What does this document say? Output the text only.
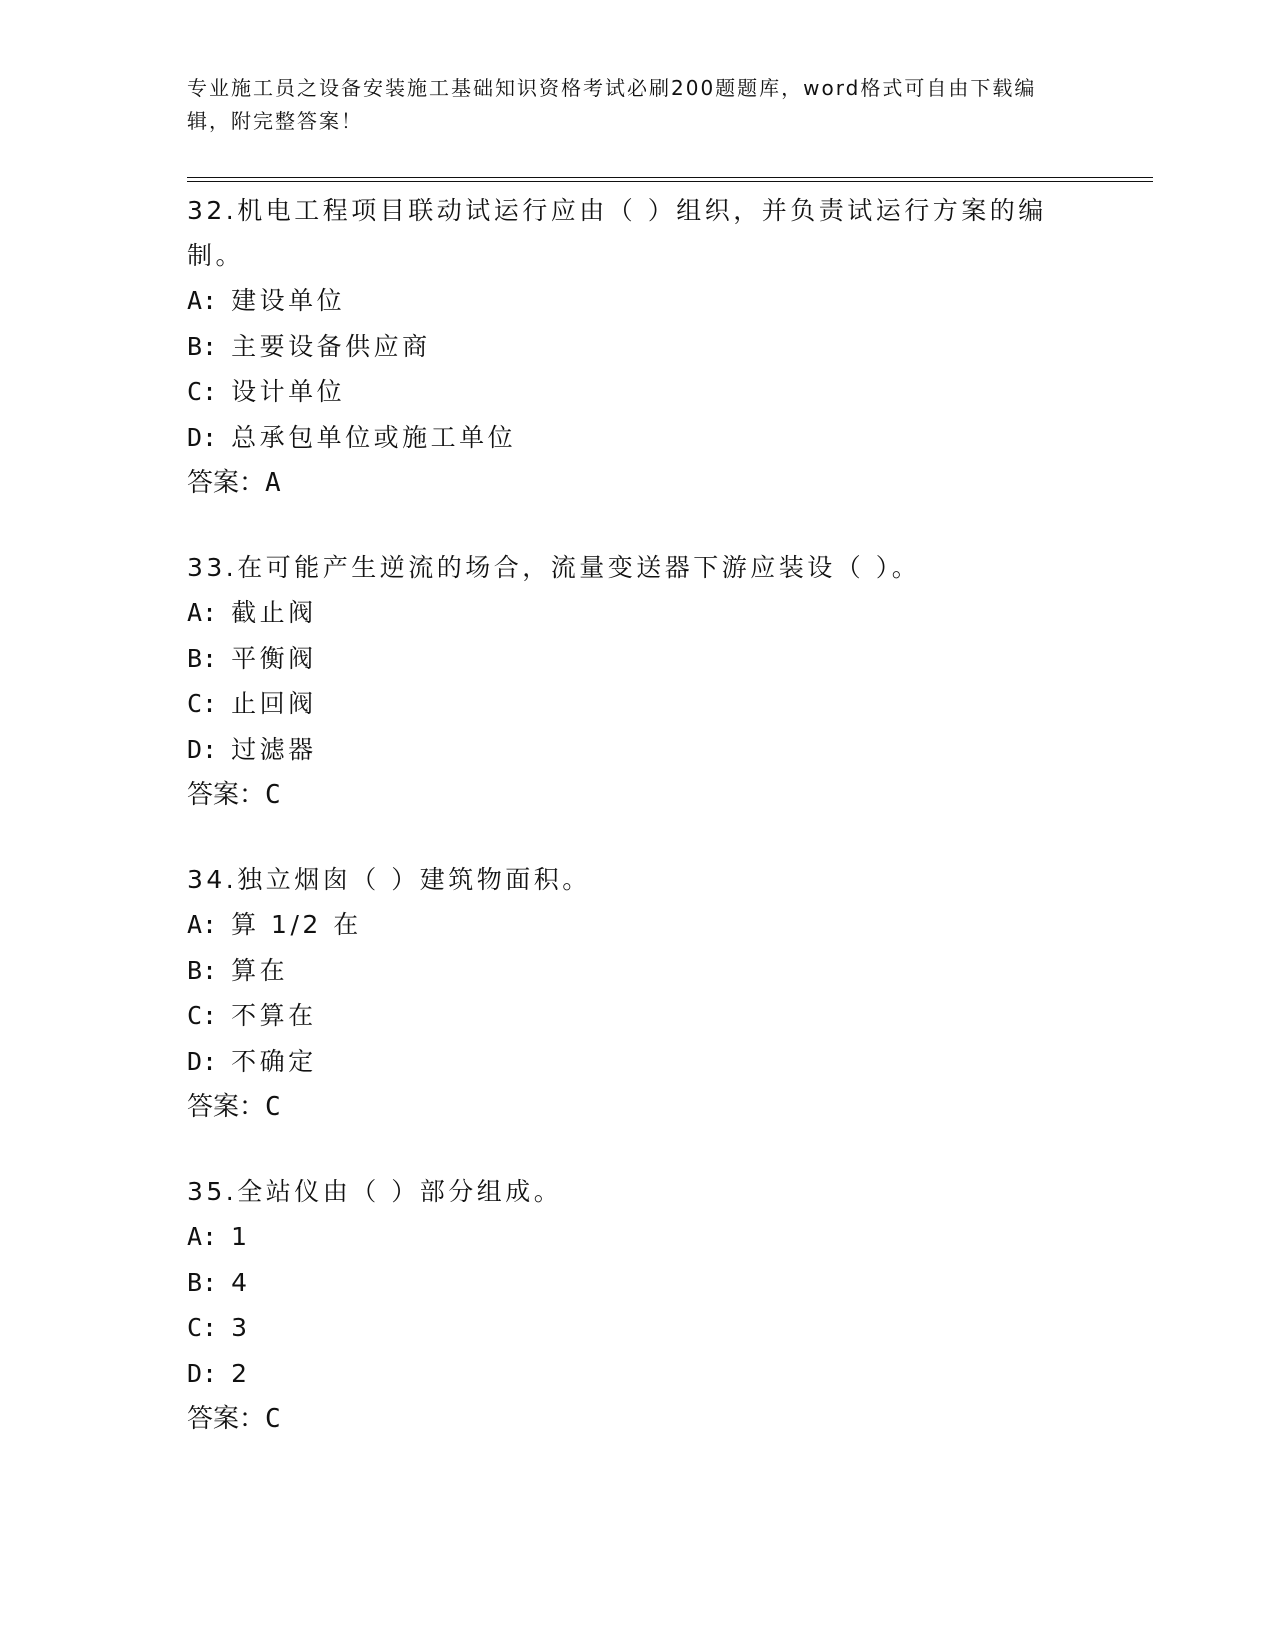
专业施工员之设备安装施工基础知识资格考试必刷200题题库，word格式可自由下载编辑，附完整答案！
32.机电工程项目联动试运行应由（ ）组织，并负责试运行方案的编制。
A: 建设单位
B: 主要设备供应商
C: 设计单位
D: 总承包单位或施工单位
答案：A
33.在可能产生逆流的场合，流量变送器下游应装设（ ）。
A: 截止阀
B: 平衡阀
C: 止回阀
D: 过滤器
答案：C
34.独立烟囱（ ）建筑物面积。
A: 算 1/2 在
B: 算在
C: 不算在
D: 不确定
答案：C
35.全站仪由（ ）部分组成。
A: 1
B: 4
C: 3
D: 2
答案：C
